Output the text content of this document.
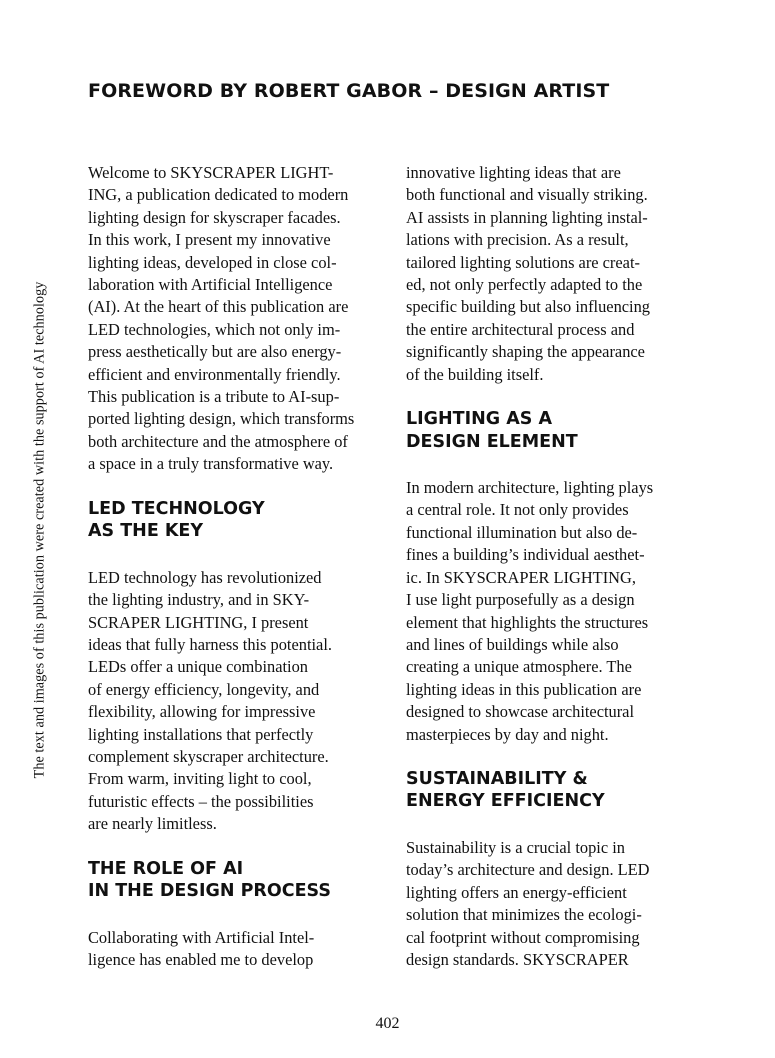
FOREWORD BY ROBERT GABOR – DESIGN ARTIST
The text and images of this publication were created with the support of AI technology

Welcome to SKYSCRAPER LIGHT-
ING, a publication dedicated to modern
lighting design for skyscraper facades.
In this work, I present my innovative
lighting ideas, developed in close col-
laboration with Artificial Intelligence
(AI). At the heart of this publication are
LED technologies, which not only im-
press aesthetically but are also energy-
efficient and environmentally friendly.
This publication is a tribute to AI-sup-
ported lighting design, which transforms
both architecture and the atmosphere of
a space in a truly transformative way.

LED TECHNOLOGY
AS THE KEY

LED technology has revolutionized
the lighting industry, and in SKY-
SCRAPER LIGHTING, I present
ideas that fully harness this potential.
LEDs offer a unique combination
of energy efficiency, longevity, and
flexibility, allowing for impressive
lighting installations that perfectly
complement skyscraper architecture.
From warm, inviting light to cool,
futuristic effects – the possibilities
are nearly limitless.

THE ROLE OF AI
IN THE DESIGN PROCESS

Collaborating with Artificial Intel-
ligence has enabled me to develop

innovative lighting ideas that are
both functional and visually striking.
AI assists in planning lighting instal-
lations with precision. As a result,
tailored lighting solutions are creat-
ed, not only perfectly adapted to the
specific building but also influencing
the entire architectural process and
significantly shaping the appearance
of the building itself.

LIGHTING AS A
DESIGN ELEMENT

In modern architecture, lighting plays
a central role. It not only provides
functional illumination but also de-
fines a building’s individual aesthet-
ic. In SKYSCRAPER LIGHTING,
I use light purposefully as a design
element that highlights the structures
and lines of buildings while also
creating a unique atmosphere. The
lighting ideas in this publication are
designed to showcase architectural
masterpieces by day and night.

SUSTAINABILITY &
ENERGY EFFICIENCY

Sustainability is a crucial topic in
today’s architecture and design. LED
lighting offers an energy-efficient
solution that minimizes the ecologi-
cal footprint without compromising
design standards. SKYSCRAPER

402
